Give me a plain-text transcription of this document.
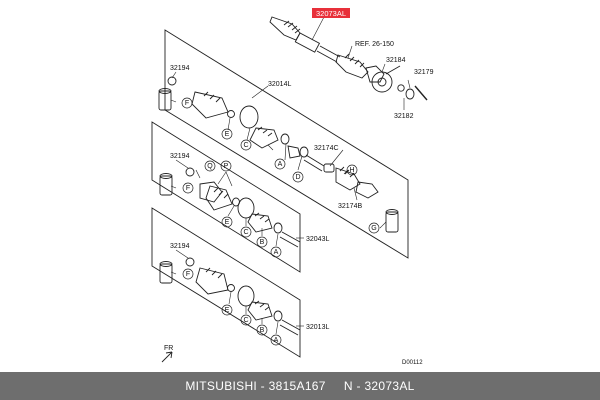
32073AL
REF. 26-150
32184
32179
32182
32014L
32174C
32174B
32043L
32013L
32194
32194
32194
D00112
FR
F
E
C
A
D
H
G
F
Q P
E
C
B
A
F
E
C
B
A
MITSUBISHI - 3815A167
N - 32073AL
